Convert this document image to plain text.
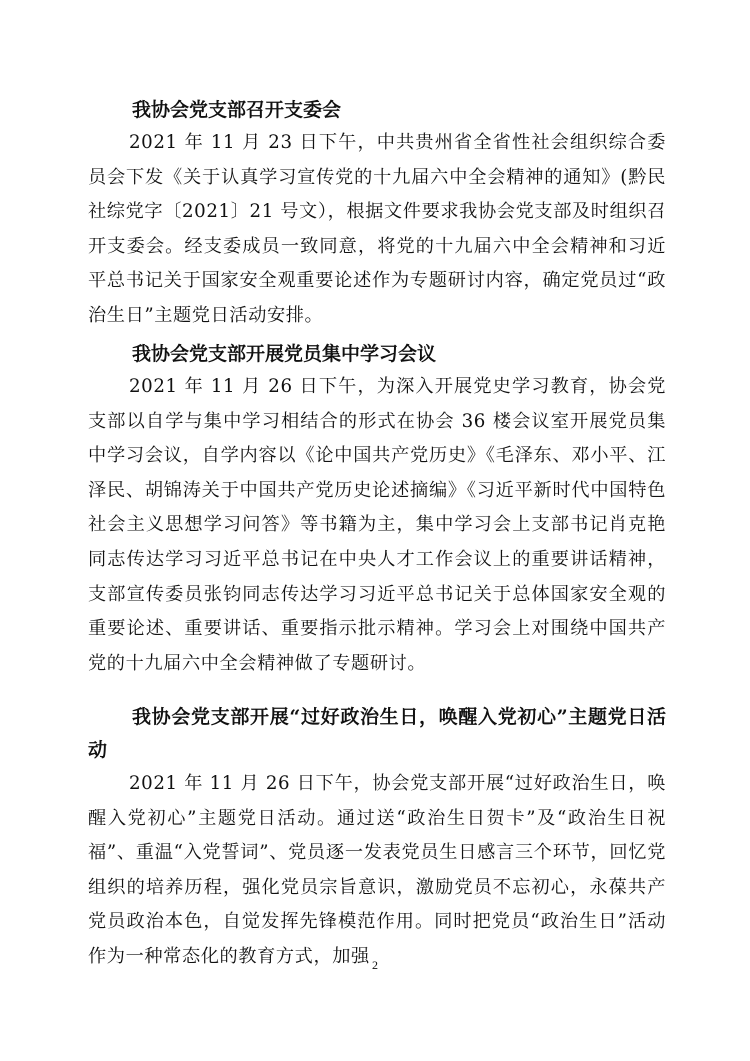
我协会党支部召开支委会

2021 年 11 月 23 日下午，中共贵州省全省性社会组织综合委员会下发《关于认真学习宣传党的十九届六中全会精神的通知》(黔民社综党字〔2021〕21 号文），根据文件要求我协会党支部及时组织召开支委会。经支委成员一致同意，将党的十九届六中全会精神和习近平总书记关于国家安全观重要论述作为专题研讨内容，确定党员过“政治生日”主题党日活动安排。

我协会党支部开展党员集中学习会议

2021 年 11 月 26 日下午，为深入开展党史学习教育，协会党支部以自学与集中学习相结合的形式在协会 36 楼会议室开展党员集中学习会议，自学内容以《论中国共产党历史》《毛泽东、邓小平、江泽民、胡锦涛关于中国共产党历史论述摘编》《习近平新时代中国特色社会主义思想学习问答》等书籍为主，集中学习会上支部书记肖克艳同志传达学习习近平总书记在中央人才工作会议上的重要讲话精神，支部宣传委员张钧同志传达学习习近平总书记关于总体国家安全观的重要论述、重要讲话、重要指示批示精神。学习会上对围绕中国共产党的十九届六中全会精神做了专题研讨。

我协会党支部开展“过好政治生日，唤醒入党初心”主题党日活动

2021 年 11 月 26 日下午，协会党支部开展“过好政治生日，唤醒入党初心”主题党日活动。通过送“政治生日贺卡”及“政治生日祝福”、重温“入党誓词”、党员逐一发表党员生日感言三个环节，回忆党组织的培养历程，强化党员宗旨意识，激励党员不忘初心，永葆共产党员政治本色，自觉发挥先锋模范作用。同时把党员“政治生日”活动作为一种常态化的教育方式，加强 2
